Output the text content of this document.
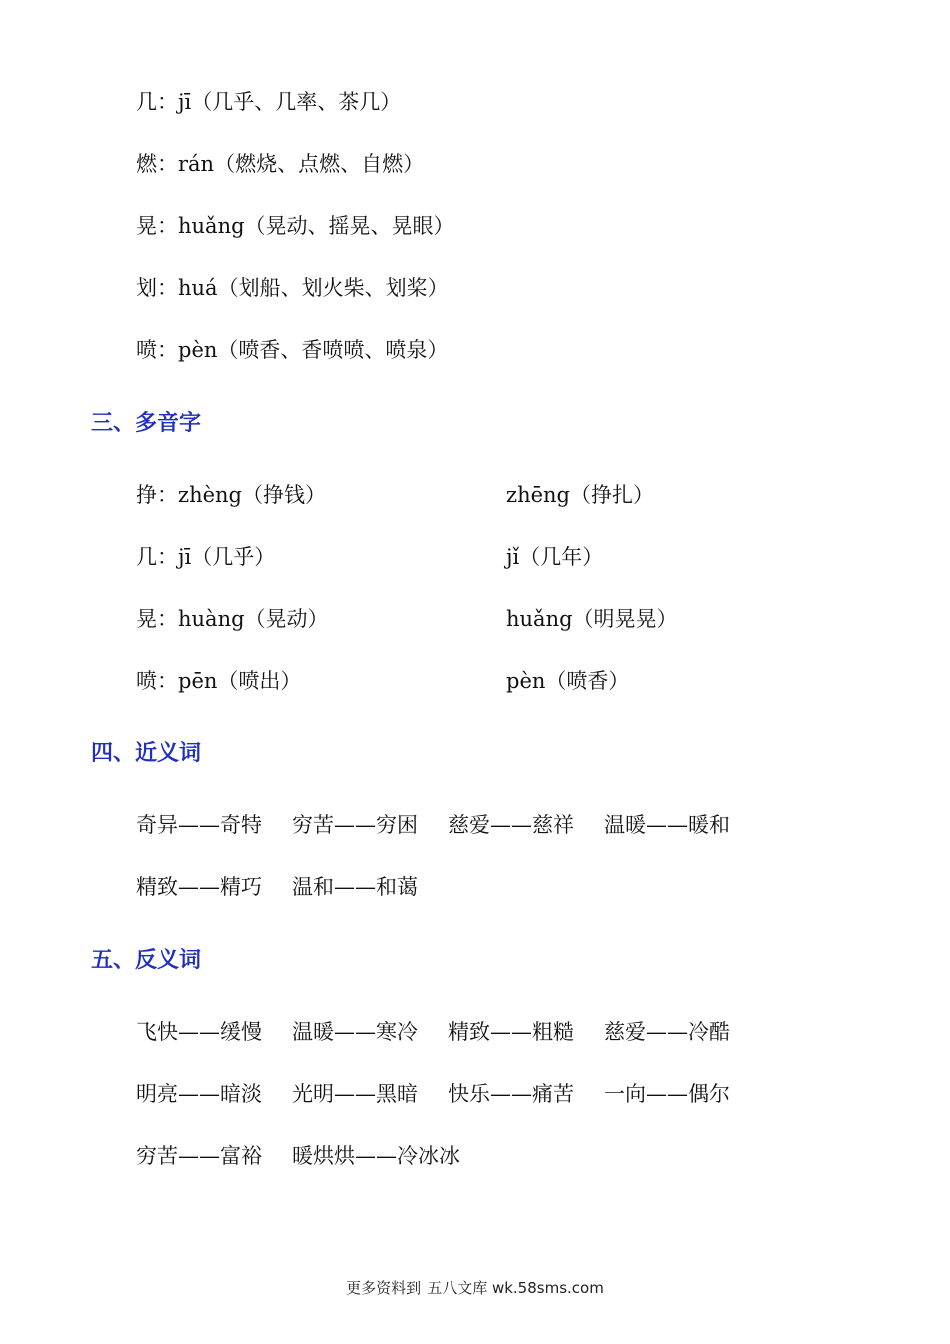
几：jī（几乎、几率、茶几）
燃：rán（燃烧、点燃、自燃）
晃：huǎng（晃动、摇晃、晃眼）
划：huá（划船、划火柴、划桨）
喷：pèn（喷香、香喷喷、喷泉）
三、多音字
挣：zhèng（挣钱）	zhēng（挣扎）
几：jī（几乎）	jǐ（几年）
晃：huàng（晃动）	huǎng（明晃晃）
喷：pēn（喷出）	pèn（喷香）
四、近义词
奇异——奇特 穷苦——穷困 慈爱——慈祥 温暖——暖和
精致——精巧 温和——和蔼
五、反义词
飞快——缓慢 温暖——寒冷 精致——粗糙 慈爱——冷酷
明亮——暗淡 光明——黑暗 快乐——痛苦 一向——偶尔
穷苦——富裕 暖烘烘——冷冰冰
更多资料到 五八文库 wk.58sms.com
